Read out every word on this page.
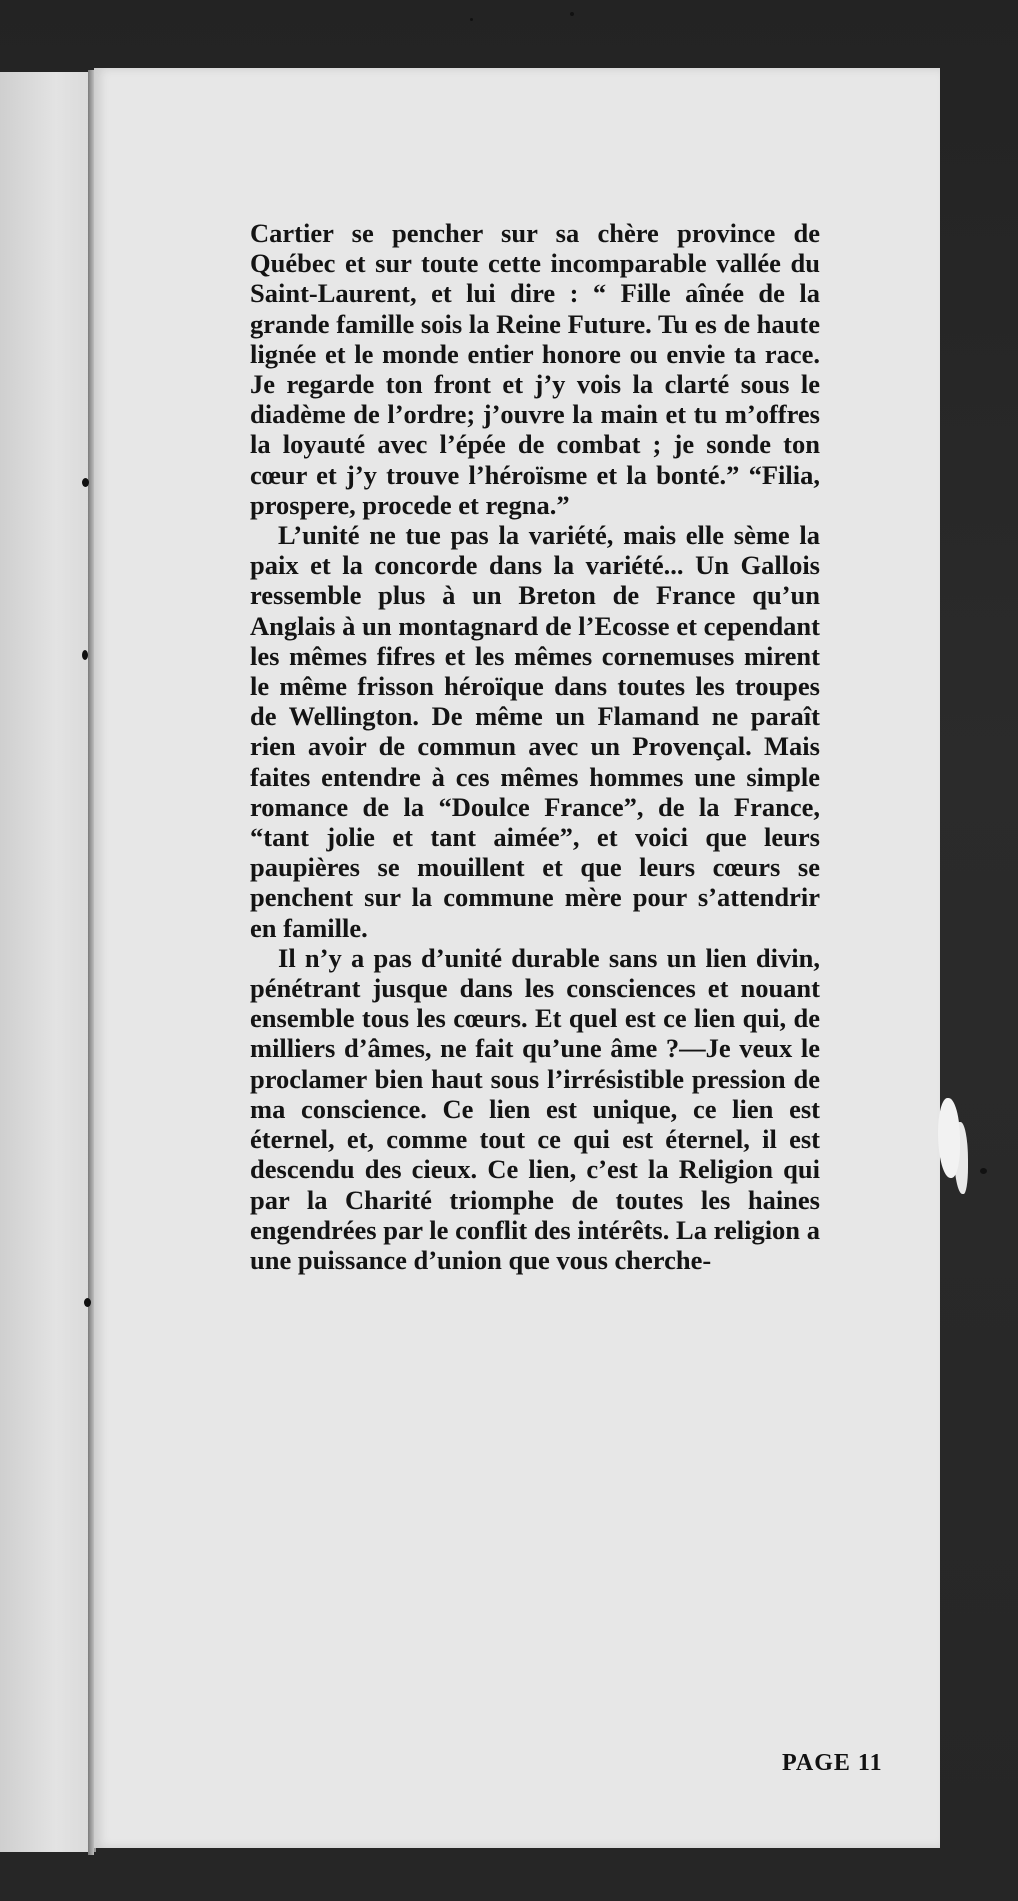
Cartier se pencher sur sa chère province de Québec et sur toute cette incomparable vallée du Saint-Laurent, et lui dire : “ Fille aînée de la grande famille sois la Reine Future. Tu es de haute lignée et le monde entier honore ou envie ta race. Je regarde ton front et j’y vois la clarté sous le diadème de l’ordre; j’ouvre la main et tu m’offres la loyauté avec l’épée de combat ; je sonde ton cœur et j’y trouve l’héroïsme et la bonté.” “Filia, prospere, procede et regna.”

L’unité ne tue pas la variété, mais elle sème la paix et la concorde dans la variété... Un Gallois ressemble plus à un Breton de France qu’un Anglais à un montagnard de l’Ecosse et cependant les mêmes fifres et les mêmes cornemuses mirent le même frisson héroïque dans toutes les troupes de Wellington. De même un Flamand ne paraît rien avoir de commun avec un Provençal. Mais faites entendre à ces mêmes hommes une simple romance de la “Doulce France”, de la France, “tant jolie et tant aimée”, et voici que leurs paupières se mouillent et que leurs cœurs se penchent sur la commune mère pour s’attendrir en famille.

Il n’y a pas d’unité durable sans un lien divin, pénétrant jusque dans les consciences et nouant ensemble tous les cœurs. Et quel est ce lien qui, de milliers d’âmes, ne fait qu’une âme ?—Je veux le proclamer bien haut sous l’irrésistible pression de ma conscience. Ce lien est unique, ce lien est éternel, et, comme tout ce qui est éternel, il est descendu des cieux. Ce lien, c’est la Religion qui par la Charité triomphe de toutes les haines engendrées par le conflit des intérêts. La religion a une puissance d’union que vous cherche-

PAGE 11
